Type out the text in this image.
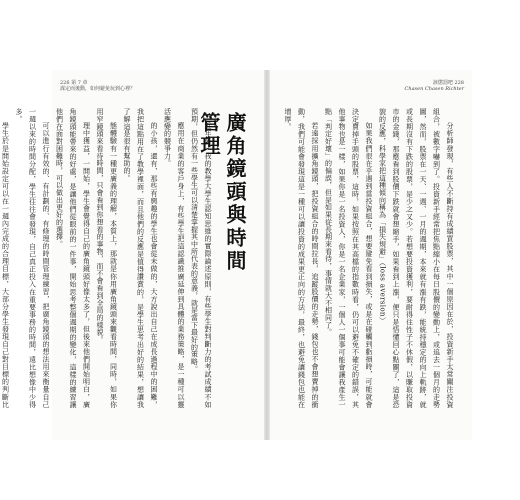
226 第 7 章
謀定而後動，如何避免玩到心裡？
該懲罰吧 228
Chasen Chasen Richter

分析師發現，有些人不斷持有成績買股票，其中一個原因在於，投資新手太常關注投資組合，被數字嚇到了。投資新手經常把焦點縮小在每日股價的變動上，或追去一個月的走勢圖，然而，股票在一天、一週、一月的週期，本來就有漲有跌，能統持穩定的向上軌跡，就或長期沒有下跌的股票，是少之又少。若想要投資獲利，要耐得住性子不休假，以賺取投資市的金錢，那應看到股價下跌就會想縮手，如果看到上漲，便只是悟懂回心點關了，這是恐貌的反應，科學家把這種傾向稱為「損失規避」（loss aversion）

如果我們很在乎遇到當投資組合，想要避免看到損失，或是在碰觸到虧損時，可能就會決定賣掉手頭的股票，這時，如果按照在其高檔的指數時看，仍可以避免不確定的錯誤，其他事物也是一樣，如果你是一名投資人，你是一名企業家，一個人一個事可能會讓我產生一點「判定好壞」的偏誤，但是如果從長期來看待，事情就大不相同了。

若遠採用擴角鏡頭，把投資組合的時間拉長，追蹤股價的走勢，錢包也不會想賣掉的衝動，我們可能會發現這是一種可以讓投資的成果更正向的方法，最終，也避免讓錢包也能在增厚。

廣角鏡頭與時間管理

近年來，我的教學大學生認知思維的實際論述原則，有些學生對判斷力的考試成績不如預期，但仍然有一些學生可以清楚掌握其中所代表的意義，就是當下最好的策略。

應用在商業的客戶身上，有些學生把這認識推廣延伸到具體的業務策略，是一種可以靈活應變的競爭力。

的小孩，還有，那些有興趣的學生也會從未做的，大方說出自己在成長過程中的困難，我把這點用在了教學裡面，而且他們的反應是值得讚賞的，是學生思考出好的結果，想讓我了解這是很有幫助的。

態體驗有一種更廣義的理解，本質上，那就是你用廣角鏡頭來觀看時間，同時，如果你用窄鏡頭來看待時間，只會看到你想看的事物，而不會看到全局的樣貌。

理中獲益，一開始，學生會覺得自己的廣角鏡頭好像太多了，但後來他們開始明白，廣角鏡頭能帶來的好處，是讓他們從眼前的一件事，開始思考整個週期的變化，這樣的練習讓他們在面對困難時，可以做出更好的選擇。

可以進行有效的、有計劃的、有條理的時間管理練習，把廣角鏡頭的想法用來衡量自己一週以來的時間分配，學生往往會發現，自己真正投入在重要事務的時間，遠比想像中少得多。

學生於是開始設定可以在一週內完成的合理目標，大部分學生發現自己對目標的判斷比
